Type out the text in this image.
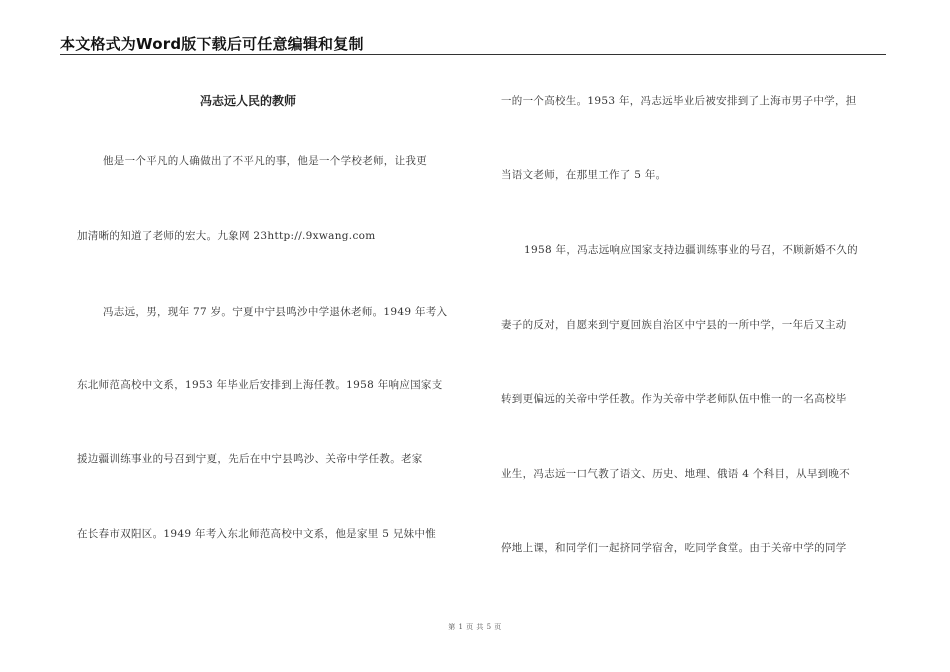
本文格式为Word版下载后可任意编辑和复制
冯志远人民的教师
他是一个平凡的人确做出了不平凡的事，他是一个学校老师，让我更
加清晰的知道了老师的宏大。九象网 23http://.9xwang.com
冯志远，男，现年 77 岁。宁夏中宁县鸣沙中学退休老师。1949 年考入
东北师范高校中文系，1953 年毕业后安排到上海任教。1958 年响应国家支
援边疆训练事业的号召到宁夏，先后在中宁县鸣沙、关帝中学任教。老家
在长春市双阳区。1949 年考入东北师范高校中文系，他是家里 5 兄妹中惟
一的一个高校生。1953 年，冯志远毕业后被安排到了上海市男子中学，担
当语文老师，在那里工作了 5 年。
1958 年，冯志远响应国家支持边疆训练事业的号召，不顾新婚不久的
妻子的反对，自愿来到宁夏回族自治区中宁县的一所中学，一年后又主动
转到更偏远的关帝中学任教。作为关帝中学老师队伍中惟一的一名高校毕
业生，冯志远一口气教了语文、历史、地理、俄语 4 个科目，从早到晚不
停地上课，和同学们一起挤同学宿舍，吃同学食堂。由于关帝中学的同学
第 1 页 共 5 页
